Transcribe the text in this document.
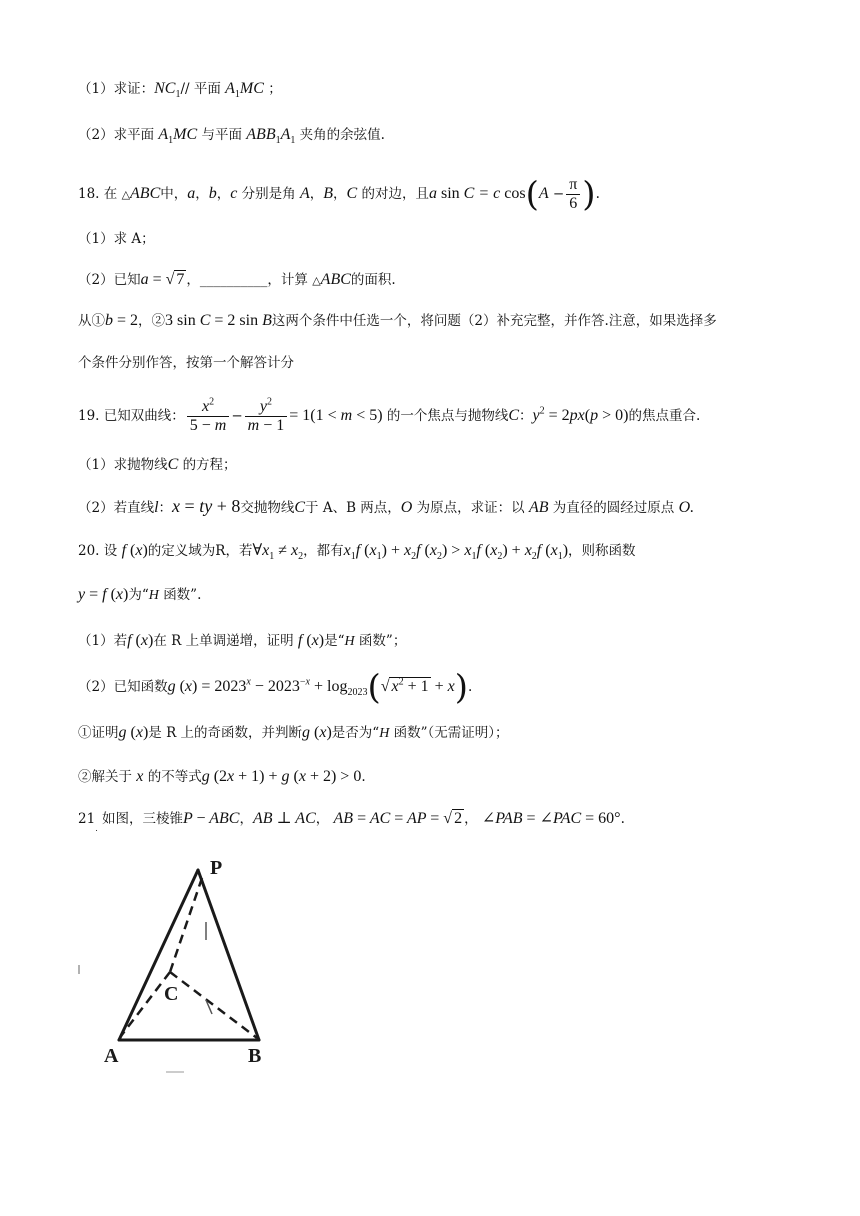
（1）求证：$NC_1//$ 平面 $A_1MC$ ；
（2）求平面 $A_1MC$ 与平面 $ABB_1A_1$ 夹角的余弦值.
18. 在 △ABC中，a，b，c 分别是角 A，B，C 的对边，且a sin C = c $\cos(A - \frac{\pi}{6}$ ).
（1）求 A；
（2）已知a = √ 7 ，__________，计算 △ABC的面积.
从①b = 2，②3 sin C = 2 sin B这两个条件中任选一个，将问题（2）补充完整，并作答.注意，如果选择多
个条件分别作答，按第一个解答计分
19. 已知双曲线： $\frac{x^2}{5 - m} - \frac{y^2}{m - 1} = 1(1 < m < 5)$ 的一个焦点与抛物线C：$y^2 = 2px(p > 0)$的焦点重合.
（1）求抛物线C 的方程；
（2）若直线l：x = ty + 8交抛物线C于 A、B 两点，O 为原点，求证：以 AB 为直径的圆经过原点 O.
20. 设 f (x)的定义域为R，若$\forall x_1 \ne x_2$，都有$x_1f$ $(x_1) + x_2f$ $(x_2) > x_1f$ $(x_2) + x_2f$ $(x_1)$，则称函数
y = f (x)为“H 函数”.
（1）若f (x)在 R 上单调递增，证明 f (x)是“H 函数”；
（2）已知函数g $(x) = 2023^x - 2023^{-x} + \log_{2023}(√$ $x^2 + 1 + x$).
①证明g (x)是 R 上的奇函数，并判断g (x)是否为“H 函数”（无需证明）；
②解关于 x 的不等式g (2x + 1) + g (x + 2) > 0.
$21_.$ 如图，三棱锥P − ABC，AB ⊥ AC， AB = AC = AP = √ 2 ， ∠PAB = ∠PAC = 60°.
P
A	B
C
